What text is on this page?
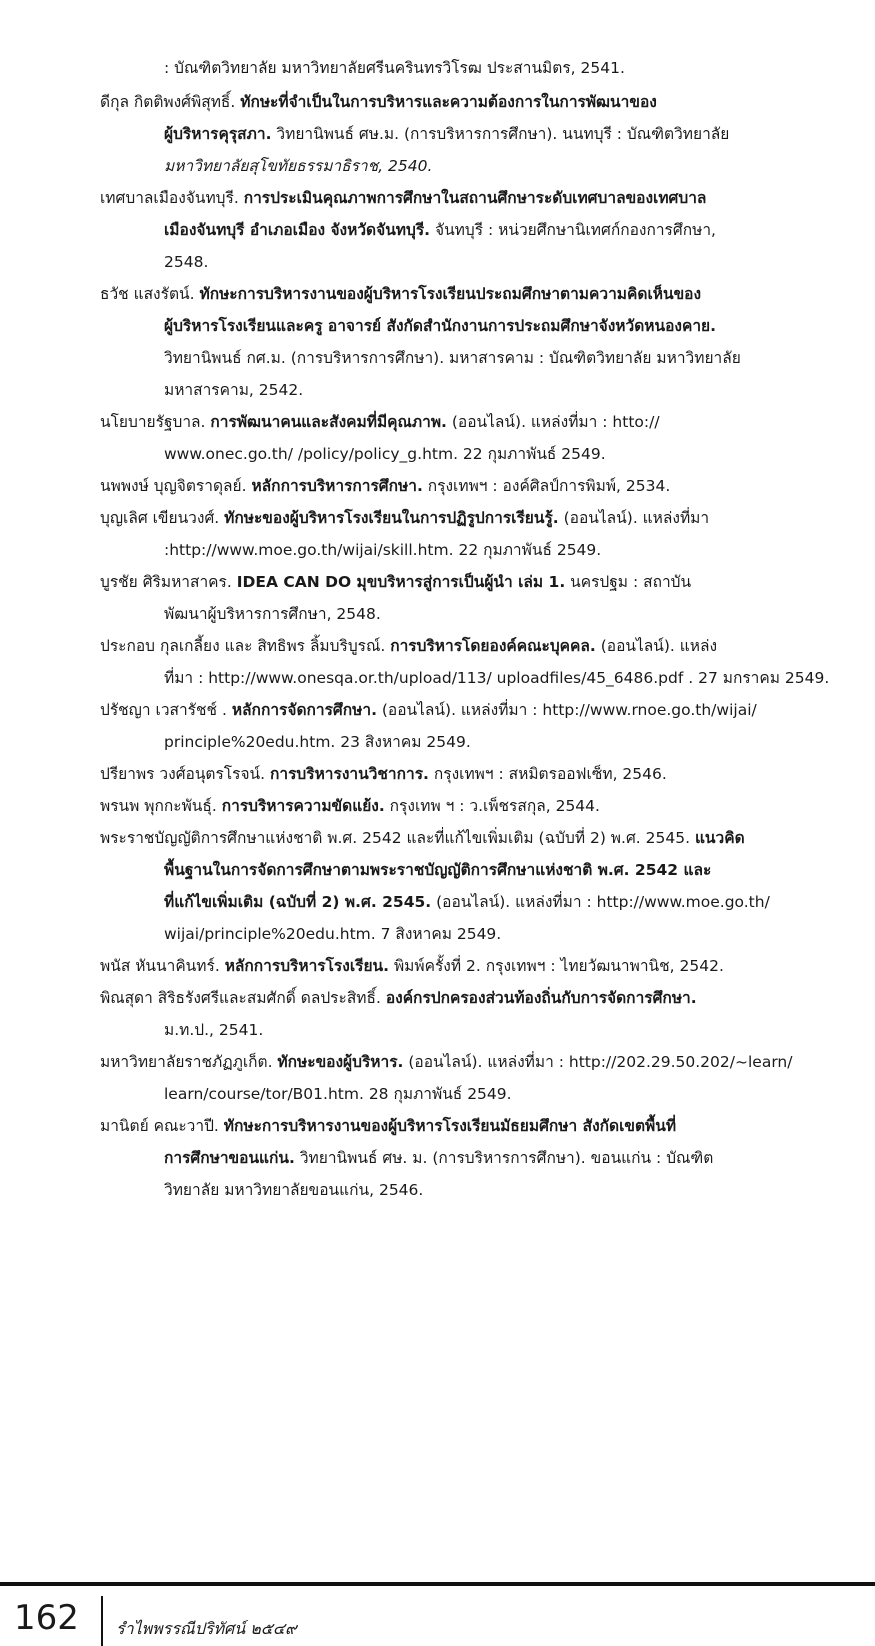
: บัณฑิตวิทยาลัย มหาวิทยาลัยศรีนครินทรวิโรฒ ประสานมิตร, 2541.
ดีกุล กิตติพงศ์พิสุทธิ์. ทักษะที่จำเป็นในการบริหารและความต้องการในการพัฒนาของ
ผู้บริหารคุรุสภา. วิทยานิพนธ์ ศษ.ม. (การบริหารการศึกษา). นนทบุรี : บัณฑิตวิทยาลัย
มหาวิทยาลัยสุโขทัยธรรมาธิราช, 2540.
เทศบาลเมืองจันทบุรี. การประเมินคุณภาพการศึกษาในสถานศึกษาระดับเทศบาลของเทศบาล
เมืองจันทบุรี อำเภอเมือง จังหวัดจันทบุรี. จันทบุรี : หน่วยศึกษานิเทศก์กองการศึกษา,
2548.
ธวัช แสงรัตน์. ทักษะการบริหารงานของผู้บริหารโรงเรียนประถมศึกษาตามความคิดเห็นของ
ผู้บริหารโรงเรียนและครู อาจารย์ สังกัดสำนักงานการประถมศึกษาจังหวัดหนองคาย.
วิทยานิพนธ์ กศ.ม. (การบริหารการศึกษา). มหาสารคาม : บัณฑิตวิทยาลัย มหาวิทยาลัย
มหาสารคาม, 2542.
นโยบายรัฐบาล. การพัฒนาคนและสังคมที่มีคุณภาพ. (ออนไลน์). แหล่งที่มา : htto://
www.onec.go.th/ /policy/policy_g.htm. 22 กุมภาพันธ์ 2549.
นพพงษ์ บุญจิตราดุลย์. หลักการบริหารการศึกษา. กรุงเทพฯ : องค์ศิลป์การพิมพ์, 2534.
บุญเลิศ เขียนวงศ์. ทักษะของผู้บริหารโรงเรียนในการปฏิรูปการเรียนรู้. (ออนไลน์). แหล่งที่มา
:http://www.moe.go.th/wijai/skill.htm. 22 กุมภาพันธ์ 2549.
บูรชัย ศิริมหาสาคร. IDEA CAN DO มุขบริหารสู่การเป็นผู้นำ เล่ม 1. นครปฐม : สถาบัน
พัฒนาผู้บริหารการศึกษา, 2548.
ประกอบ กุลเกลี้ยง และ สิทธิพร ลิ้มบริบูรณ์. การบริหารโดยองค์คณะบุคคล. (ออนไลน์). แหล่ง
ที่มา : http://www.onesqa.or.th/upload/113/ uploadfiles/45_6486.pdf . 27 มกราคม 2549.
ปรัชญา เวสารัชช์ . หลักการจัดการศึกษา. (ออนไลน์). แหล่งที่มา : http://www.rnoe.go.th/wijai/
principle%20edu.htm. 23 สิงหาคม 2549.
ปรียาพร วงศ์อนุตรโรจน์. การบริหารงานวิชาการ. กรุงเทพฯ : สหมิตรออฟเซ็ท, 2546.
พรนพ พุกกะพันธุ์. การบริหารความขัดแย้ง. กรุงเทพ ฯ : ว.เพ็ชรสกุล, 2544.
พระราชบัญญัติการศึกษาแห่งชาติ พ.ศ. 2542 และที่แก้ไขเพิ่มเติม (ฉบับที่ 2) พ.ศ. 2545. แนวคิด
พื้นฐานในการจัดการศึกษาตามพระราชบัญญัติการศึกษาแห่งชาติ พ.ศ. 2542 และ
ที่แก้ไขเพิ่มเติม (ฉบับที่ 2) พ.ศ. 2545. (ออนไลน์). แหล่งที่มา : http://www.moe.go.th/
wijai/principle%20edu.htm. 7 สิงหาคม 2549.
พนัส หันนาคินทร์. หลักการบริหารโรงเรียน. พิมพ์ครั้งที่ 2. กรุงเทพฯ : ไทยวัฒนาพานิช, 2542.
พิณสุดา สิริธรังศรีและสมศักดิ์ ดลประสิทธิ์. องค์กรปกครองส่วนท้องถิ่นกับการจัดการศึกษา.
ม.ท.ป., 2541.
มหาวิทยาลัยราชภัฏภูเก็ต. ทักษะของผู้บริหาร. (ออนไลน์). แหล่งที่มา : http://202.29.50.202/~learn/
learn/course/tor/B01.htm. 28 กุมภาพันธ์ 2549.
มานิตย์ คณะวาปี. ทักษะการบริหารงานของผู้บริหารโรงเรียนมัธยมศึกษา สังกัดเขตพื้นที่
การศึกษาขอนแก่น. วิทยานิพนธ์ ศษ. ม. (การบริหารการศึกษา). ขอนแก่น : บัณฑิต
วิทยาลัย มหาวิทยาลัยขอนแก่น, 2546.
162 รำไพพรรณีปริทัศน์ ๒๕๔๙
